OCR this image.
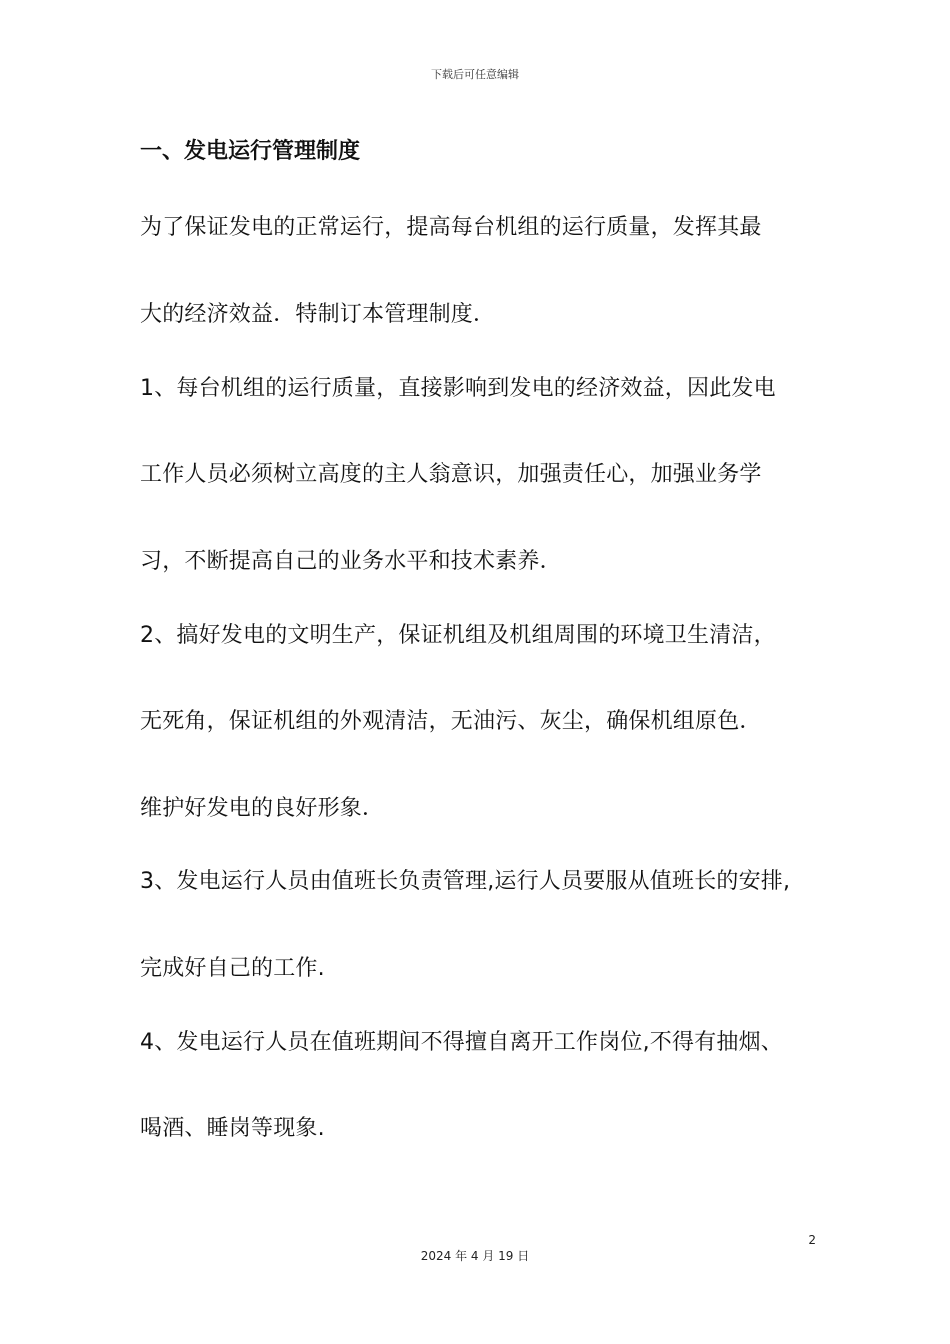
下载后可任意编辑
一、发电运行管理制度
为了保证发电的正常运行，提高每台机组的运行质量，发挥其最
大的经济效益．特制订本管理制度．
1、每台机组的运行质量，直接影响到发电的经济效益，因此发电
工作人员必须树立高度的主人翁意识，加强责任心，加强业务学
习，不断提高自己的业务水平和技术素养．
2、搞好发电的文明生产，保证机组及机组周围的环境卫生清洁，
无死角，保证机组的外观清洁，无油污、灰尘，确保机组原色．
维护好发电的良好形象．
3、发电运行人员由值班长负责管理,运行人员要服从值班长的安排,
完成好自己的工作.
4、发电运行人员在值班期间不得擅自离开工作岗位,不得有抽烟、
喝酒、睡岗等现象.
2
2024 年 4 月 19 日
